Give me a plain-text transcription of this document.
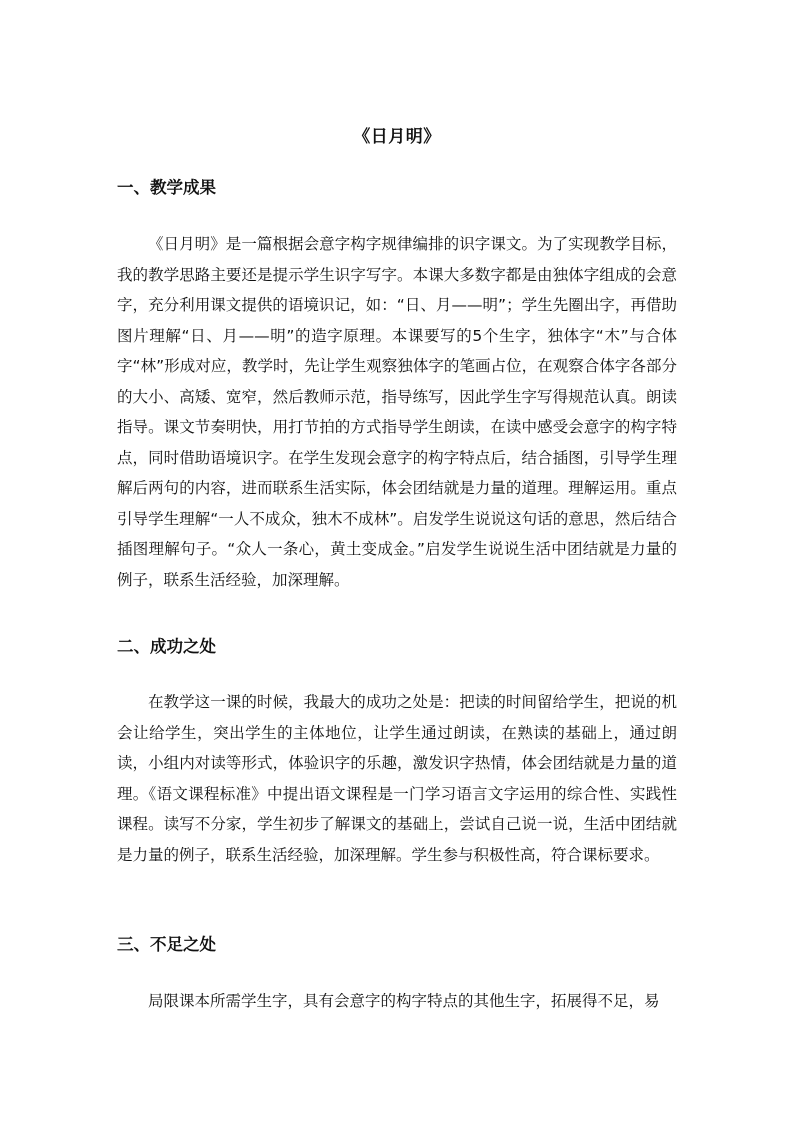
《日月明》
一、教学成果

《日月明》是一篇根据会意字构字规律编排的识字课文。为了实现教学目标，我的教学思路主要还是提示学生识字写字。本课大多数字都是由独体字组成的会意字，充分利用课文提供的语境识记，如：“日、月——明”；学生先圈出字，再借助图片理解“日、月——明”的造字原理。本课要写的5个生字，独体字“木”与合体字“林”形成对应，教学时，先让学生观察独体字的笔画占位，在观察合体字各部分的大小、高矮、宽窄，然后教师示范，指导练写，因此学生字写得规范认真。朗读指导。课文节奏明快，用打节拍的方式指导学生朗读，在读中感受会意字的构字特点，同时借助语境识字。在学生发现会意字的构字特点后，结合插图，引导学生理解后两句的内容，进而联系生活实际，体会团结就是力量的道理。理解运用。重点引导学生理解“一人不成众，独木不成林”。启发学生说说这句话的意思，然后结合插图理解句子。“众人一条心，黄土变成金。”启发学生说说生活中团结就是力量的例子，联系生活经验，加深理解。

二、成功之处

在教学这一课的时候，我最大的成功之处是：把读的时间留给学生，把说的机会让给学生，突出学生的主体地位，让学生通过朗读，在熟读的基础上，通过朗读，小组内对读等形式，体验识字的乐趣，激发识字热情，体会团结就是力量的道理。《语文课程标准》中提出语文课程是一门学习语言文字运用的综合性、实践性课程。读写不分家，学生初步了解课文的基础上，尝试自己说一说，生活中团结就是力量的例子，联系生活经验，加深理解。学生参与积极性高，符合课标要求。

三、不足之处

局限课本所需学生字，具有会意字的构字特点的其他生字，拓展得不足，易
